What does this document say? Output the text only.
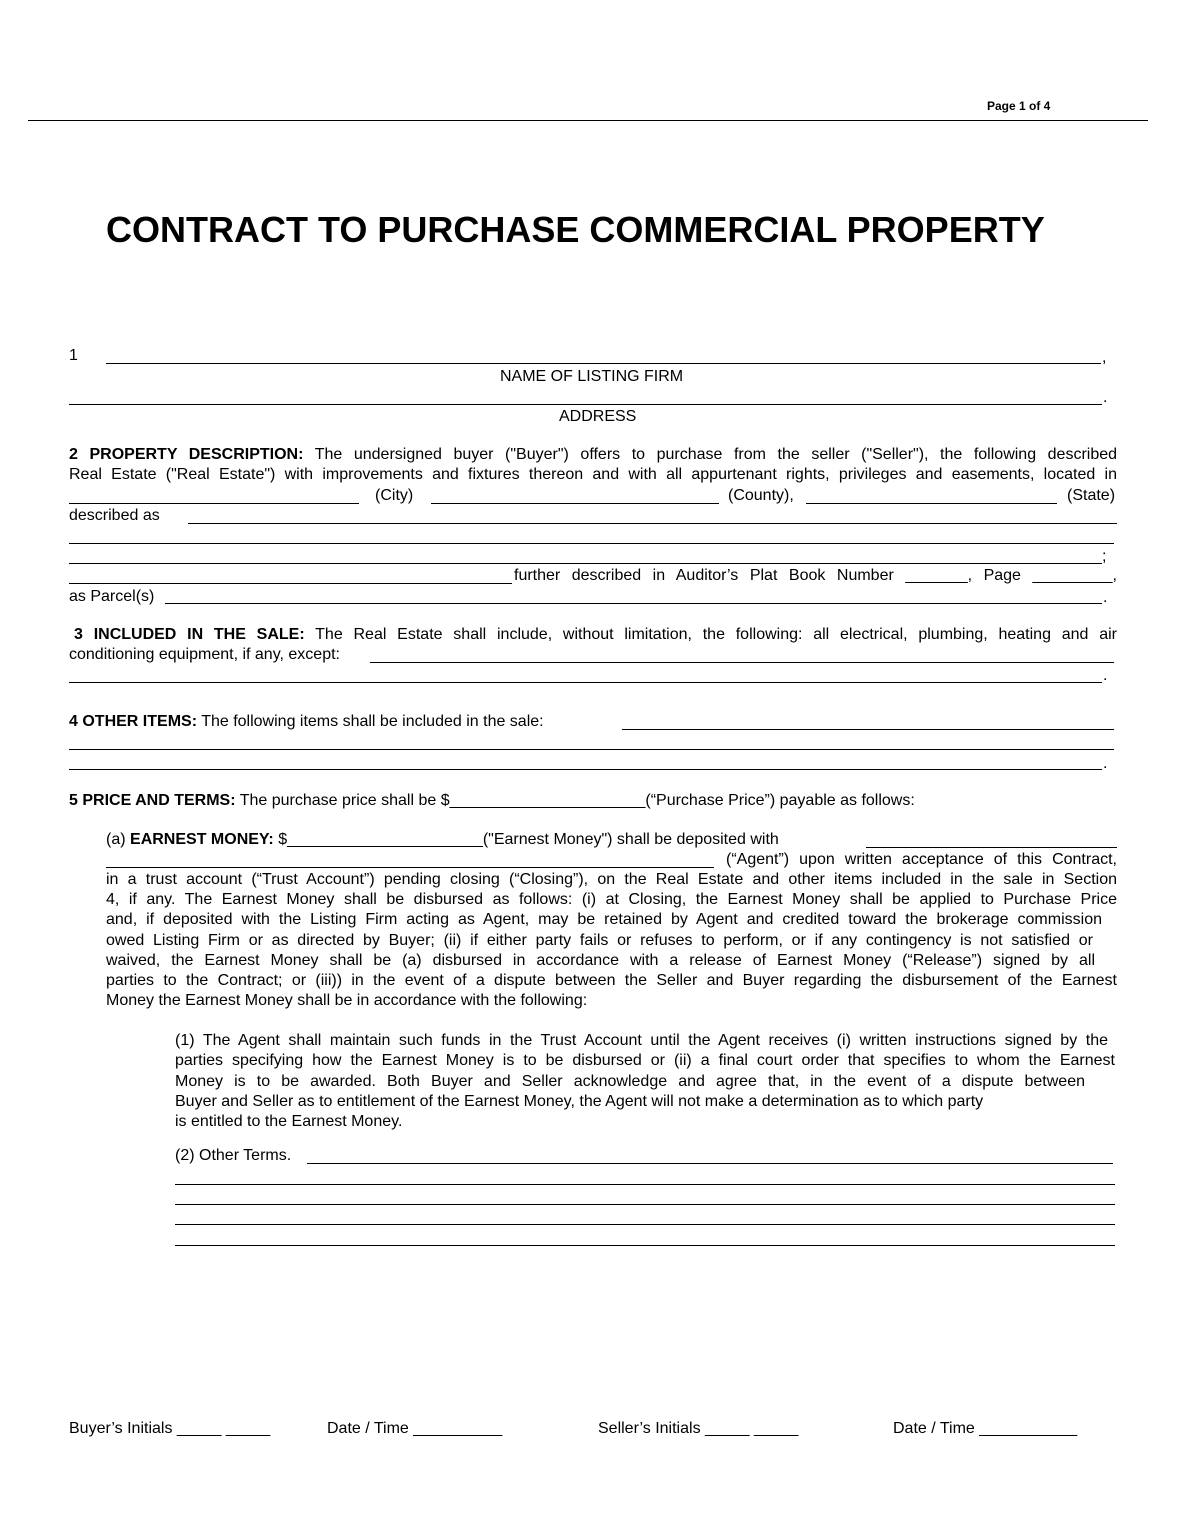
Page 1 of 4
CONTRACT TO PURCHASE COMMERCIAL PROPERTY
1	,
NAME OF LISTING FIRM
.
ADDRESS
2 PROPERTY DESCRIPTION: The undersigned buyer ("Buyer") offers to purchase from the seller ("Seller"), the following described
Real Estate ("Real Estate") with improvements and fixtures thereon and with all appurtenant rights, privileges and easements, located in
(City)	(County),	(State)
described as
;
further described in Auditor’s Plat Book Number _______, Page _________,
as Parcel(s)	.
3 INCLUDED IN THE SALE: The Real Estate shall include, without limitation, the following: all electrical, plumbing, heating and air
conditioning equipment, if any, except:
.
4 OTHER ITEMS: The following items shall be included in the sale:
.
5 PRICE AND TERMS: The purchase price shall be $______________________(“Purchase Price”) payable as follows:
(a) EARNEST MONEY: $______________________("Earnest Money") shall be deposited with
(“Agent”) upon written acceptance of this Contract,
in a trust account (“Trust Account”) pending closing (“Closing”), on the Real Estate and other items included in the sale in Section
4, if any. The Earnest Money shall be disbursed as follows: (i) at Closing, the Earnest Money shall be applied to Purchase Price
and, if deposited with the Listing Firm acting as Agent, may be retained by Agent and credited toward the brokerage commission
owed Listing Firm or as directed by Buyer; (ii) if either party fails or refuses to perform, or if any contingency is not satisfied or
waived, the Earnest Money shall be (a) disbursed in accordance with a release of Earnest Money (“Release”) signed by all
parties to the Contract; or (iii)) in the event of a dispute between the Seller and Buyer regarding the disbursement of the Earnest
Money the Earnest Money shall be in accordance with the following:
(1) The Agent shall maintain such funds in the Trust Account until the Agent receives (i) written instructions signed by the
parties specifying how the Earnest Money is to be disbursed or (ii) a final court order that specifies to whom the Earnest
Money is to be awarded. Both Buyer and Seller acknowledge and agree that, in the event of a dispute between
Buyer and Seller as to entitlement of the Earnest Money, the Agent will not make a determination as to which party
is entitled to the Earnest Money.
(2) Other Terms.
Buyer’s Initials _____ _____	Date / Time __________	Seller’s Initials _____ _____	Date / Time ___________
